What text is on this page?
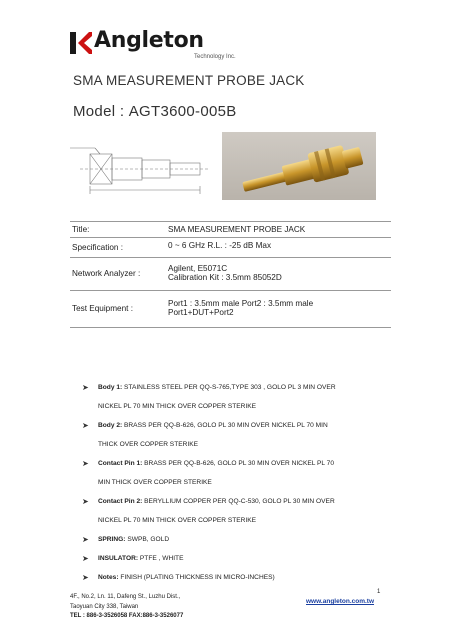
Angleton
Technology Inc.
SMA MEASUREMENT PROBE JACK
Model : AGT3600-005B
Title:	SMA MEASUREMENT PROBE JACK

Specification :	0 ~ 6 GHz R.L. : -25 dB Max

Network Analyzer :	Agilent, E5071C
Calibration Kit : 3.5mm 85052D

Test Equipment :	Port1 : 3.5mm male Port2 : 3.5mm male
Port1+DUT+Port2
➤ Body 1: STAINLESS STEEL PER QQ-S-765,TYPE 303 , GOLO PL 3 MIN OVER
NICKEL PL 70 MIN THICK OVER COPPER STERIKE
➤ Body 2: BRASS PER QQ-B-626, GOLO PL 30 MIN OVER NICKEL PL 70 MIN
THICK OVER COPPER STERIKE
➤ Contact Pin 1: BRASS PER QQ-B-626, GOLO PL 30 MIN OVER NICKEL PL 70
MIN THICK OVER COPPER STERIKE
➤ Contact Pin 2: BERYLLIUM COPPER PER QQ-C-530, GOLO PL 30 MIN OVER
NICKEL PL 70 MIN THICK OVER COPPER STERIKE
➤ SPRING: SWPB, GOLD
➤ INSULATOR: PTFE , WHITE
➤ Notes: FINISH (PLATING THICKNESS IN MICRO-INCHES)
4F., No.2, Ln. 11, Dafeng St., Luzhu Dist.,
Taoyuan City 338, Taiwan
TEL : 886-3-3526058 FAX:886-3-3526077
1
www.angleton.com.tw
